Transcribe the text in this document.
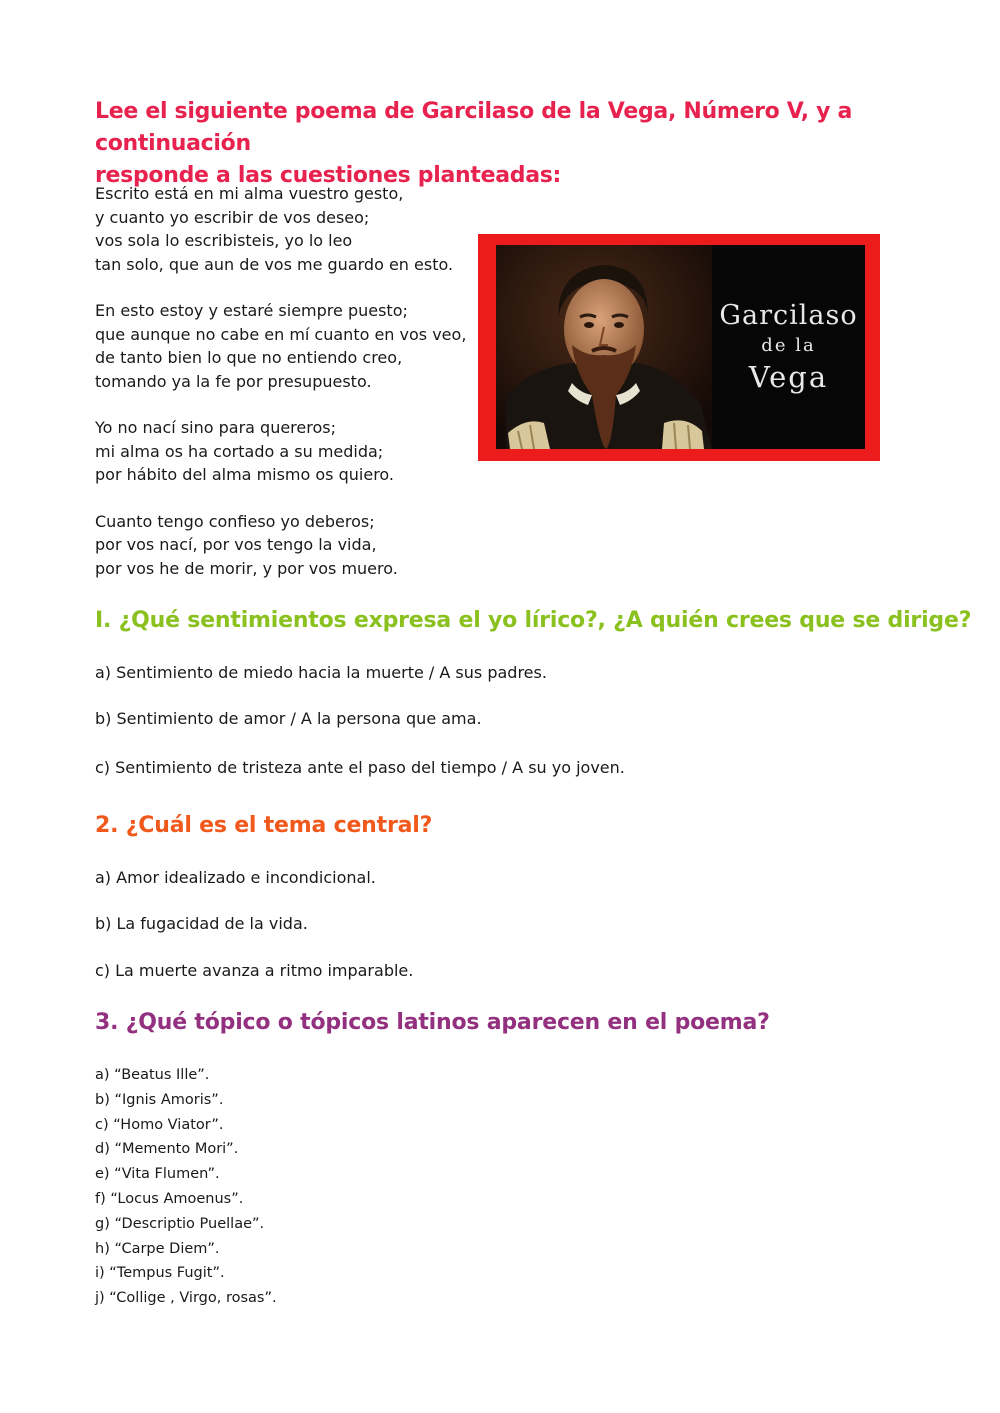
Lee el siguiente poema de Garcilaso de la Vega, Número V, y a continuación
responde a las cuestiones planteadas:
Escrito está en mi alma vuestro gesto,
y cuanto yo escribir de vos deseo;
vos sola lo escribisteis, yo lo leo
tan solo, que aun de vos me guardo en esto.
En esto estoy y estaré siempre puesto;
que aunque no cabe en mí cuanto en vos veo,
de tanto bien lo que no entiendo creo,
tomando ya la fe por presupuesto.
Yo no nací sino para quereros;
mi alma os ha cortado a su medida;
por hábito del alma mismo os quiero.
Cuanto tengo confieso yo deberos;
por vos nací, por vos tengo la vida,
por vos he de morir, y por vos muero.
Garcilaso
de la
Vega
I. ¿Qué sentimientos expresa el yo lírico?, ¿A quién crees que se dirige?
a) Sentimiento de miedo hacia la muerte / A sus padres.
b) Sentimiento de amor / A la persona que ama.
c) Sentimiento de tristeza ante el paso del tiempo / A su yo joven.
2. ¿Cuál es el tema central?
a) Amor idealizado e incondicional.
b) La fugacidad de la vida.
c) La muerte avanza a ritmo imparable.
3. ¿Qué tópico o tópicos latinos aparecen en el poema?
a) “Beatus Ille”.
b) “Ignis Amoris”.
c) “Homo Viator”.
d) “Memento Mori”.
e) “Vita Flumen”.
f) “Locus Amoenus”.
g) “Descriptio Puellae”.
h) “Carpe Diem”.
i) “Tempus Fugit”.
j) “Collige , Virgo, rosas”.
